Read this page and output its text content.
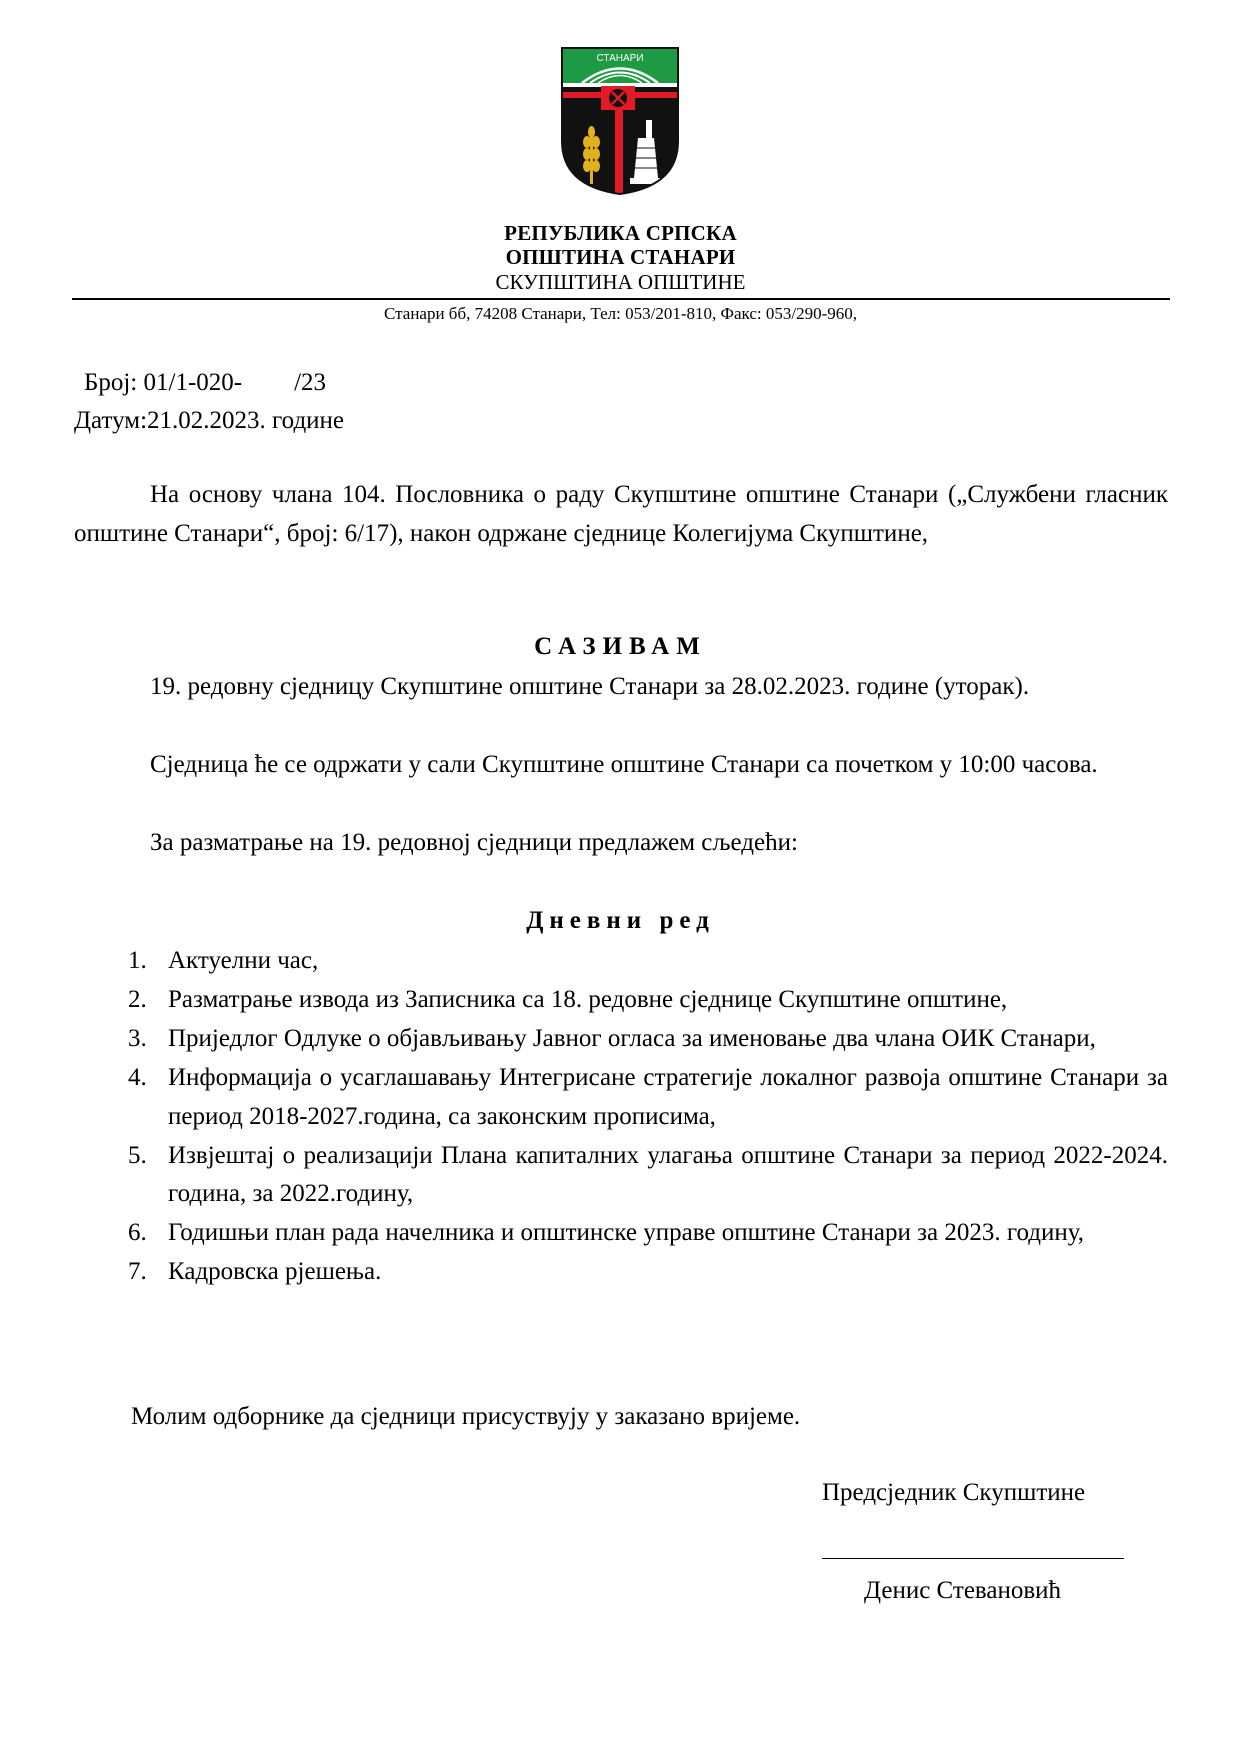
СТАНАРИ
РЕПУБЛИКА СРПСКА
ОПШТИНА СТАНАРИ
СКУПШТИНА ОПШТИНЕ
Станари бб, 74208 Станари, Тел: 053/201-810, Факс: 053/290-960,
Број: 01/1-020- /23
Датум:21.02.2023. године
На основу члана 104. Пословника о раду Скупштине општине Станари („Службени гласник општине Станари“, број: 6/17), након одржане сједнице Колегијума Скупштине,
САЗИВАМ
19. редовну сједницу Скупштине општине Станари за 28.02.2023. године (уторак).
Сједница ће се одржати у сали Скупштине општине Станари са почетком у 10:00 часова.
За разматрање на 19. редовној сједници предлажем сљедећи:
Дневни ред
1. Актуелни час,
2. Разматрање извода из Записника са 18. редовне сједнице Скупштине општине,
3. Приједлог Одлуке о објављивању Јавног огласа за именовање два члана ОИК Станари,
4. Информација о усаглашавању Интегрисане стратегије локалног развоја општине Станари за период 2018-2027.година, са законским прописима,
5. Извјештај о реализацији Плана капиталних улагања општине Станари за период 2022-2024. година, за 2022.годину,
6. Годишњи план рада начелника и општинске управе општине Станари за 2023. годину,
7. Кадровска рјешења.
Молим одборнике да сједници присуствују у заказано вријеме.
Предсједник Скупштине
Денис Стевановић
